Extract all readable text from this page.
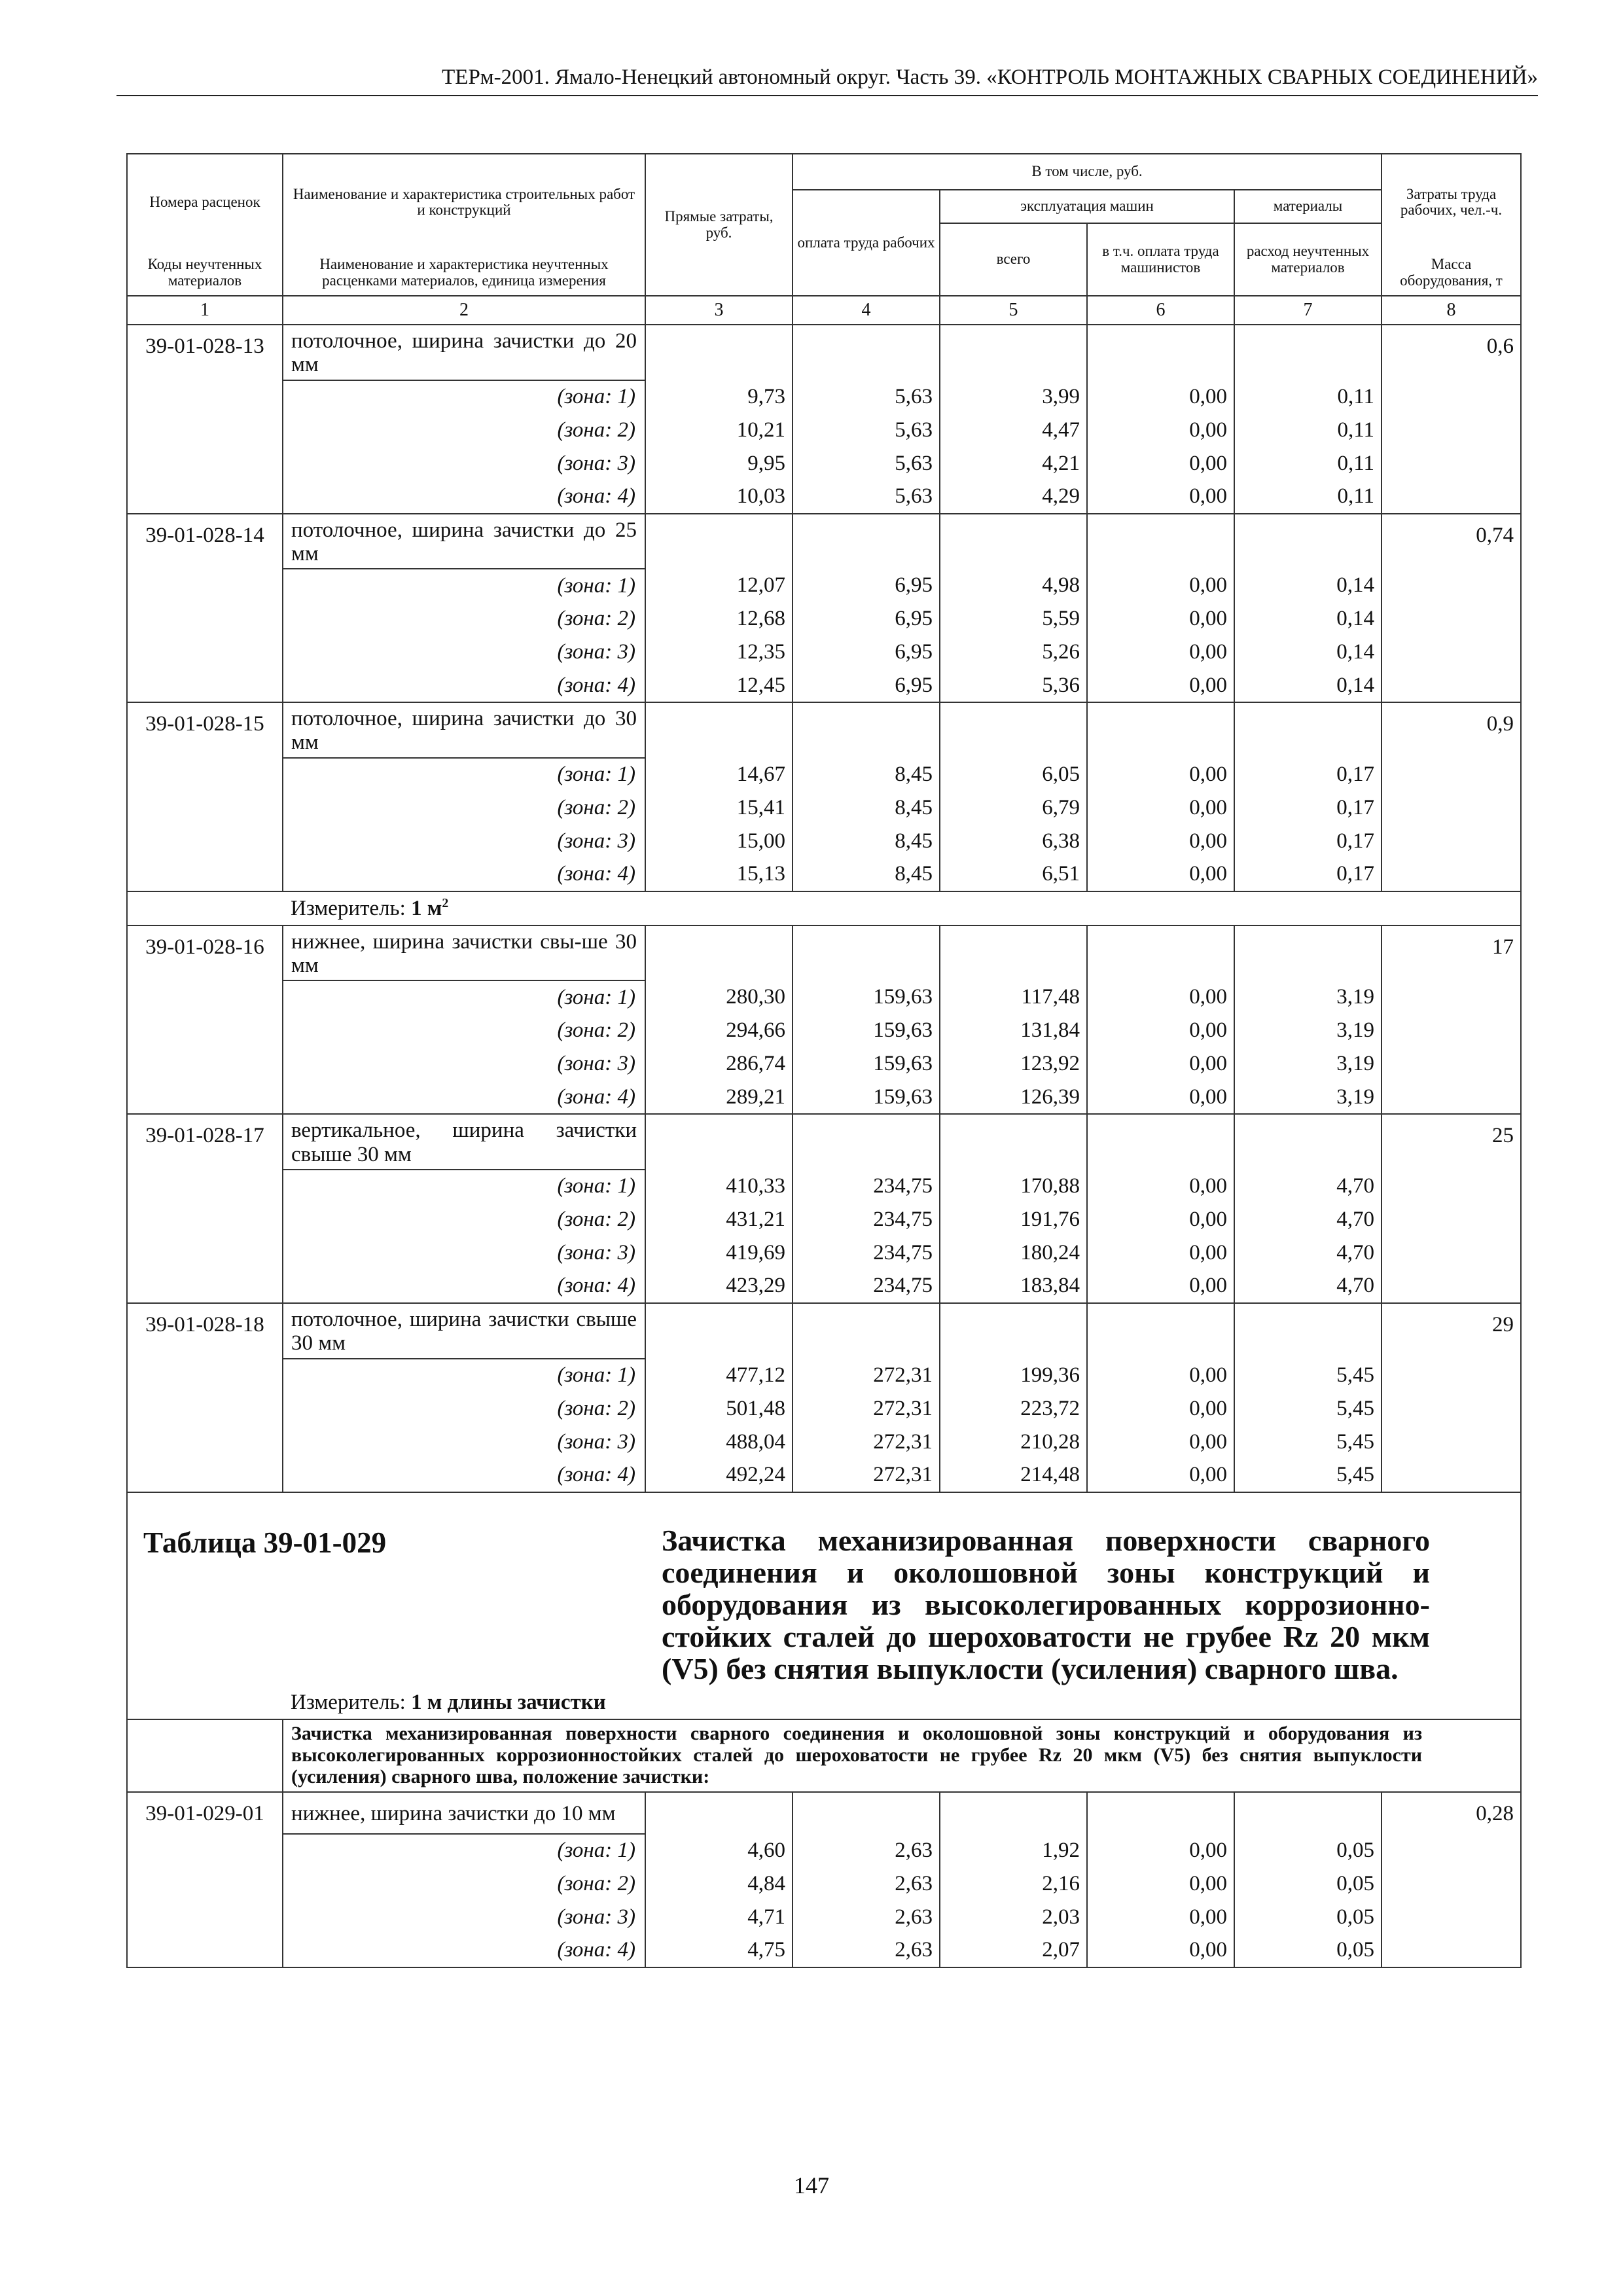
ТЕРм-2001. Ямало-Ненецкий автономный округ. Часть 39. «КОНТРОЛЬ МОНТАЖНЫХ СВАРНЫХ СОЕДИНЕНИЙ»
Номера расценок	Наименование и характеристика строительных работ и конструкций	Прямые затраты, руб.	В том числе, руб.				Затраты труда рабочих, чел.-ч.
			оплата труда рабочих	эксплуатация машин		материалы	
				всего	в т.ч. оплата труда машинистов	расход неучтенных материалов	
Коды неучтенных материалов	Наименование и характеристика неучтенных расценками материалов, единица измерения						Масса оборудования, т
1	2	3	4	5	6	7	8
39-01-028-13	потолочное, ширина зачистки до 20 мм						0,6
	(зона: 1)	9,73	5,63	3,99	0,00	0,11	
	(зона: 2)	10,21	5,63	4,47	0,00	0,11	
	(зона: 3)	9,95	5,63	4,21	0,00	0,11	
	(зона: 4)	10,03	5,63	4,29	0,00	0,11	
39-01-028-14	потолочное, ширина зачистки до 25 мм						0,74
	(зона: 1)	12,07	6,95	4,98	0,00	0,14	
	(зона: 2)	12,68	6,95	5,59	0,00	0,14	
	(зона: 3)	12,35	6,95	5,26	0,00	0,14	
	(зона: 4)	12,45	6,95	5,36	0,00	0,14	
39-01-028-15	потолочное, ширина зачистки до 30 мм						0,9
	(зона: 1)	14,67	8,45	6,05	0,00	0,17	
	(зона: 2)	15,41	8,45	6,79	0,00	0,17	
	(зона: 3)	15,00	8,45	6,38	0,00	0,17	
	(зона: 4)	15,13	8,45	6,51	0,00	0,17	
	Измеритель: 1 $м^2$
39-01-028-16	нижнее, ширина зачистки свы-ше 30 мм						17
	(зона: 1)	280,30	159,63	117,48	0,00	3,19	
	(зона: 2)	294,66	159,63	131,84	0,00	3,19	
	(зона: 3)	286,74	159,63	123,92	0,00	3,19	
	(зона: 4)	289,21	159,63	126,39	0,00	3,19	
39-01-028-17	вертикальное, ширина зачистки свыше 30 мм						25
	(зона: 1)	410,33	234,75	170,88	0,00	4,70	
	(зона: 2)	431,21	234,75	191,76	0,00	4,70	
	(зона: 3)	419,69	234,75	180,24	0,00	4,70	
	(зона: 4)	423,29	234,75	183,84	0,00	4,70	
39-01-028-18	потолочное, ширина зачистки свыше 30 мм						29
	(зона: 1)	477,12	272,31	199,36	0,00	5,45	
	(зона: 2)	501,48	272,31	223,72	0,00	5,45	
	(зона: 3)	488,04	272,31	210,28	0,00	5,45	
	(зона: 4)	492,24	272,31	214,48	0,00	5,45	

Таблица 39-01-029 Зачистка механизированная поверхности сварного соединения и околошовной зоны конструкций и оборудования из высоколегированных коррозионно-стойких сталей до шероховатости не грубее Rz 20 мкм (V5) без снятия выпуклости (усиления) сварного шва.							

	Измеритель: 1 м длины зачистки						
	Зачистка механизированная поверхности сварного соединения и околошовной зоны конструкций и оборудования из высоколегированных коррозионностойких сталей до шероховатости не грубее Rz 20 мкм (V5) без снятия выпуклости (усиления) сварного шва, положение зачистки:						
39-01-029-01	нижнее, ширина зачистки до 10 мм						0,28
	(зона: 1)	4,60	2,63	1,92	0,00	0,05	
	(зона: 2)	4,84	2,63	2,16	0,00	0,05	
	(зона: 3)	4,71	2,63	2,03	0,00	0,05	
	(зона: 4)	4,75	2,63	2,07	0,00	0,05	
147
